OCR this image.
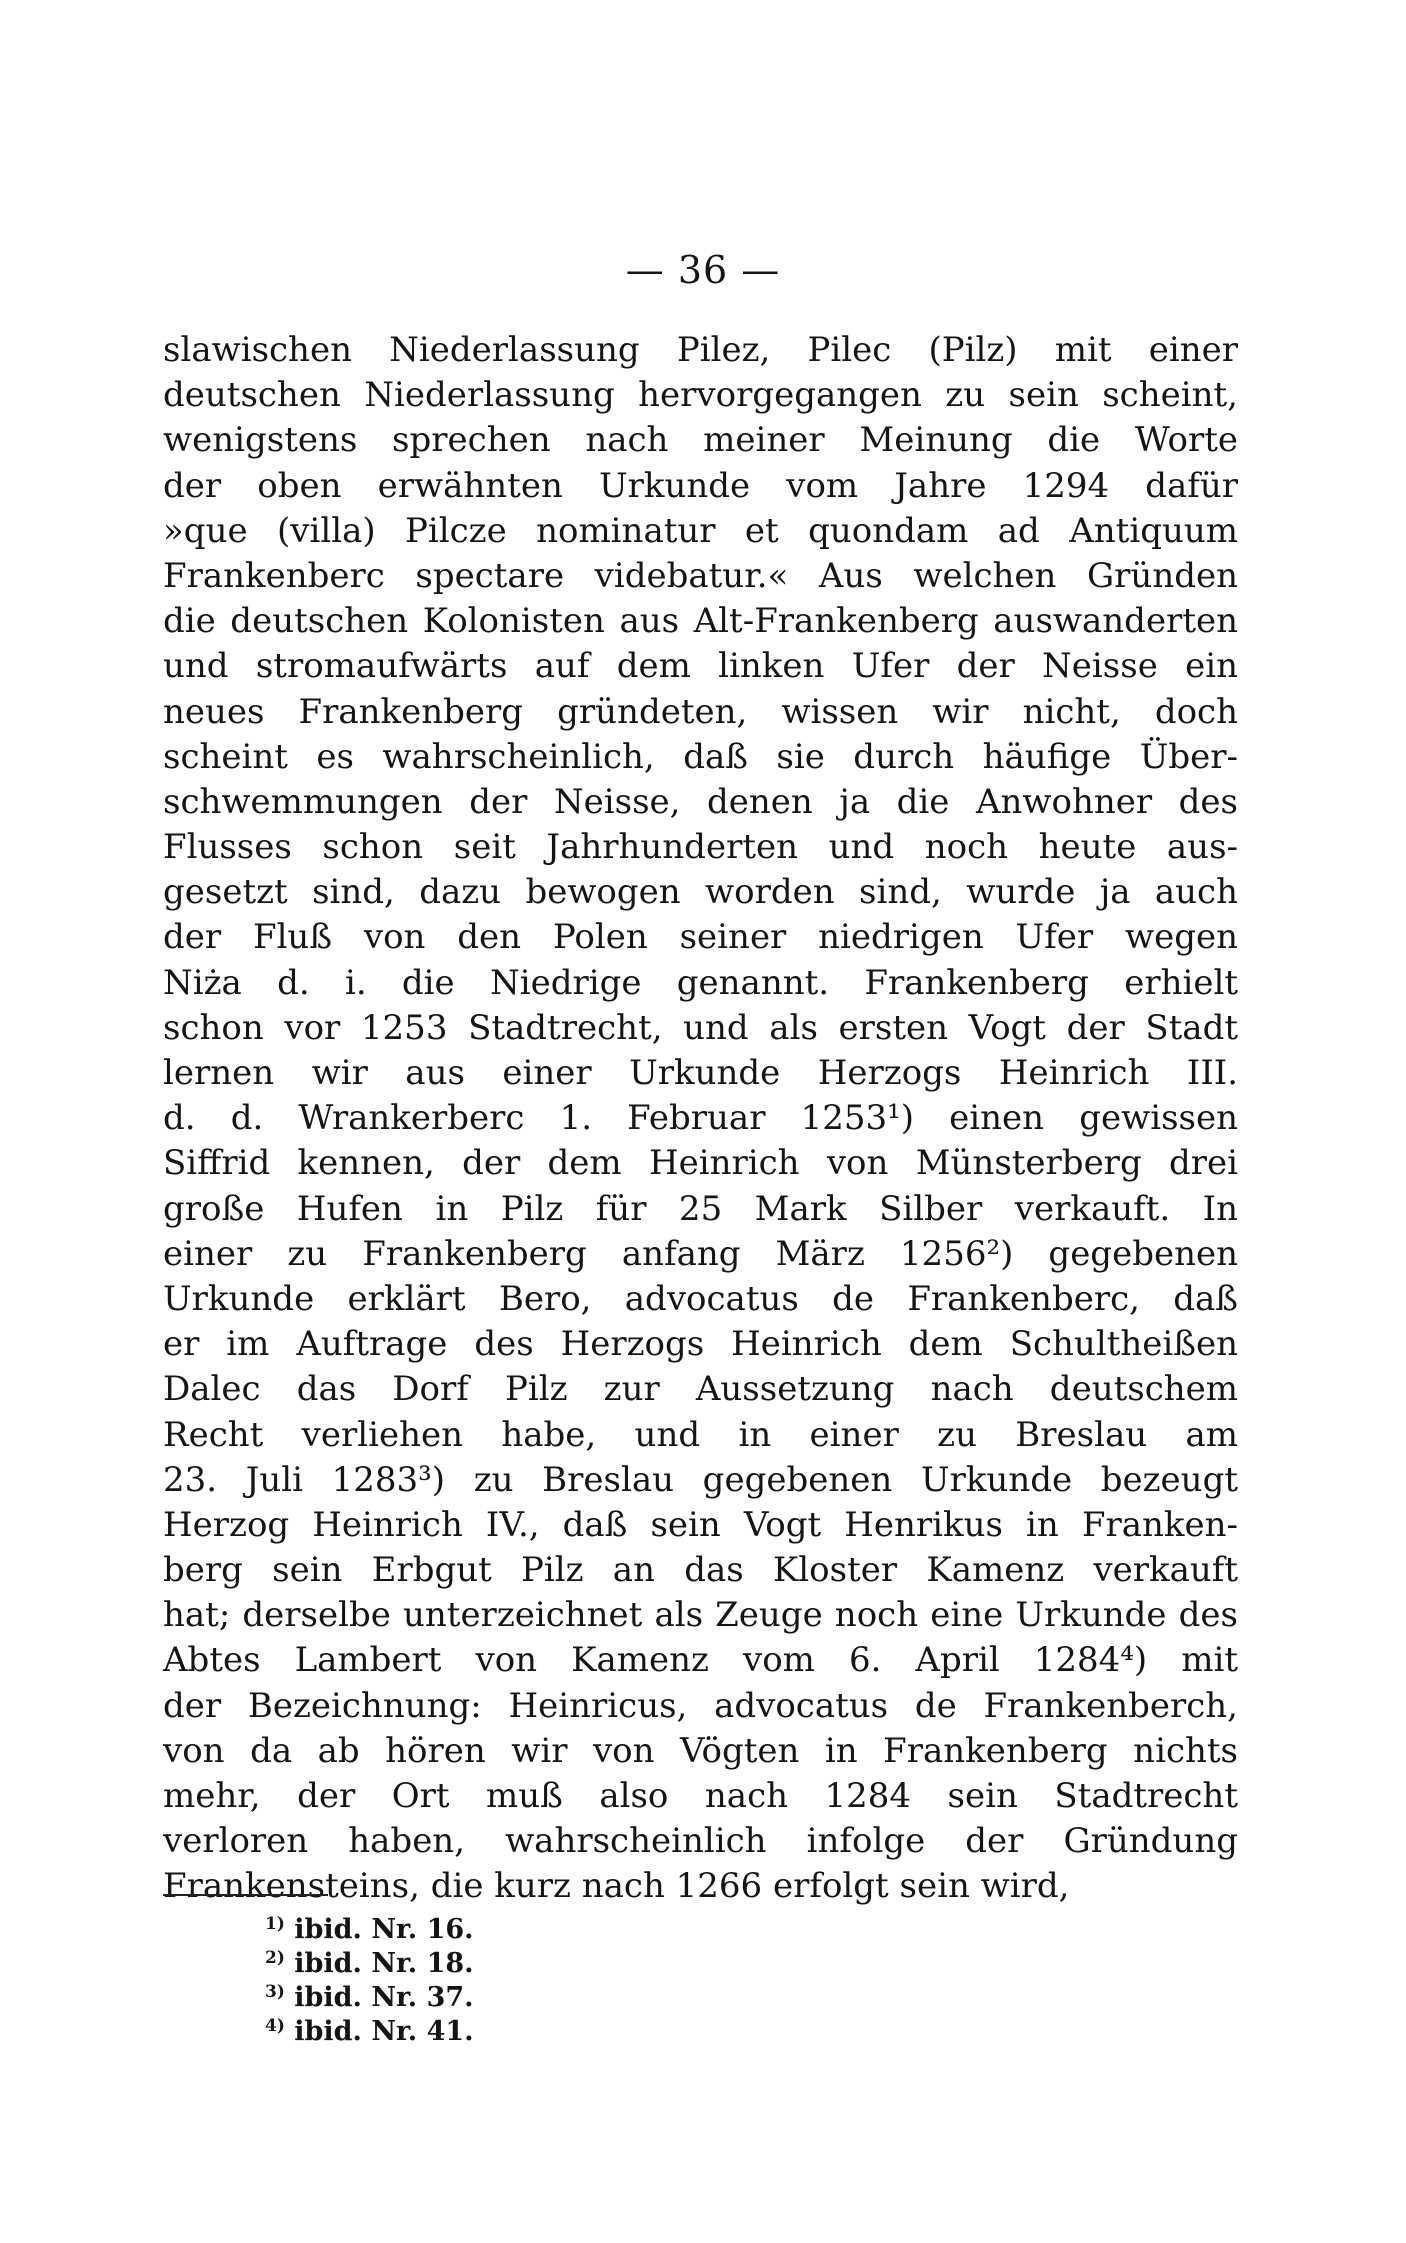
— 36 —
slawischen Niederlassung Pilez, Pilec (Pilz) mit einer
deutschen Niederlassung hervorgegangen zu sein scheint,
wenigstens sprechen nach meiner Meinung die Worte
der oben erwähnten Urkunde vom Jahre 1294 dafür
»que (villa) Pilcze nominatur et quondam ad Antiquum
Frankenberc spectare videbatur.« Aus welchen Gründen
die deutschen Kolonisten aus Alt-Frankenberg auswanderten
und stromaufwärts auf dem linken Ufer der Neisse ein
neues Frankenberg gründeten, wissen wir nicht, doch
scheint es wahrscheinlich, daß sie durch häufige Über-
schwemmungen der Neisse, denen ja die Anwohner des
Flusses schon seit Jahrhunderten und noch heute aus-
gesetzt sind, dazu bewogen worden sind, wurde ja auch
der Fluß von den Polen seiner niedrigen Ufer wegen
Niża d. i. die Niedrige genannt. Frankenberg erhielt
schon vor 1253 Stadtrecht, und als ersten Vogt der Stadt
lernen wir aus einer Urkunde Herzogs Heinrich III.
d. d. Wrankerberc 1. Februar 1253¹) einen gewissen
Siffrid kennen, der dem Heinrich von Münsterberg drei
große Hufen in Pilz für 25 Mark Silber verkauft. In
einer zu Frankenberg anfang März 1256²) gegebenen
Urkunde erklärt Bero, advocatus de Frankenberc, daß
er im Auftrage des Herzogs Heinrich dem Schultheißen
Dalec das Dorf Pilz zur Aussetzung nach deutschem
Recht verliehen habe, und in einer zu Breslau am
23. Juli 1283³) zu Breslau gegebenen Urkunde bezeugt
Herzog Heinrich IV., daß sein Vogt Henrikus in Franken-
berg sein Erbgut Pilz an das Kloster Kamenz verkauft
hat; derselbe unterzeichnet als Zeuge noch eine Urkunde des
Abtes Lambert von Kamenz vom 6. April 1284⁴) mit
der Bezeichnung: Heinricus, advocatus de Frankenberch,
von da ab hören wir von Vögten in Frankenberg nichts
mehr, der Ort muß also nach 1284 sein Stadtrecht
verloren haben, wahrscheinlich infolge der Gründung
Frankensteins, die kurz nach 1266 erfolgt sein wird,
$^{1)}$ ibid. Nr. 16.
$^{2)}$ ibid. Nr. 18.
$^{3)}$ ibid. Nr. 37.
$^{4)}$ ibid. Nr. 41.
